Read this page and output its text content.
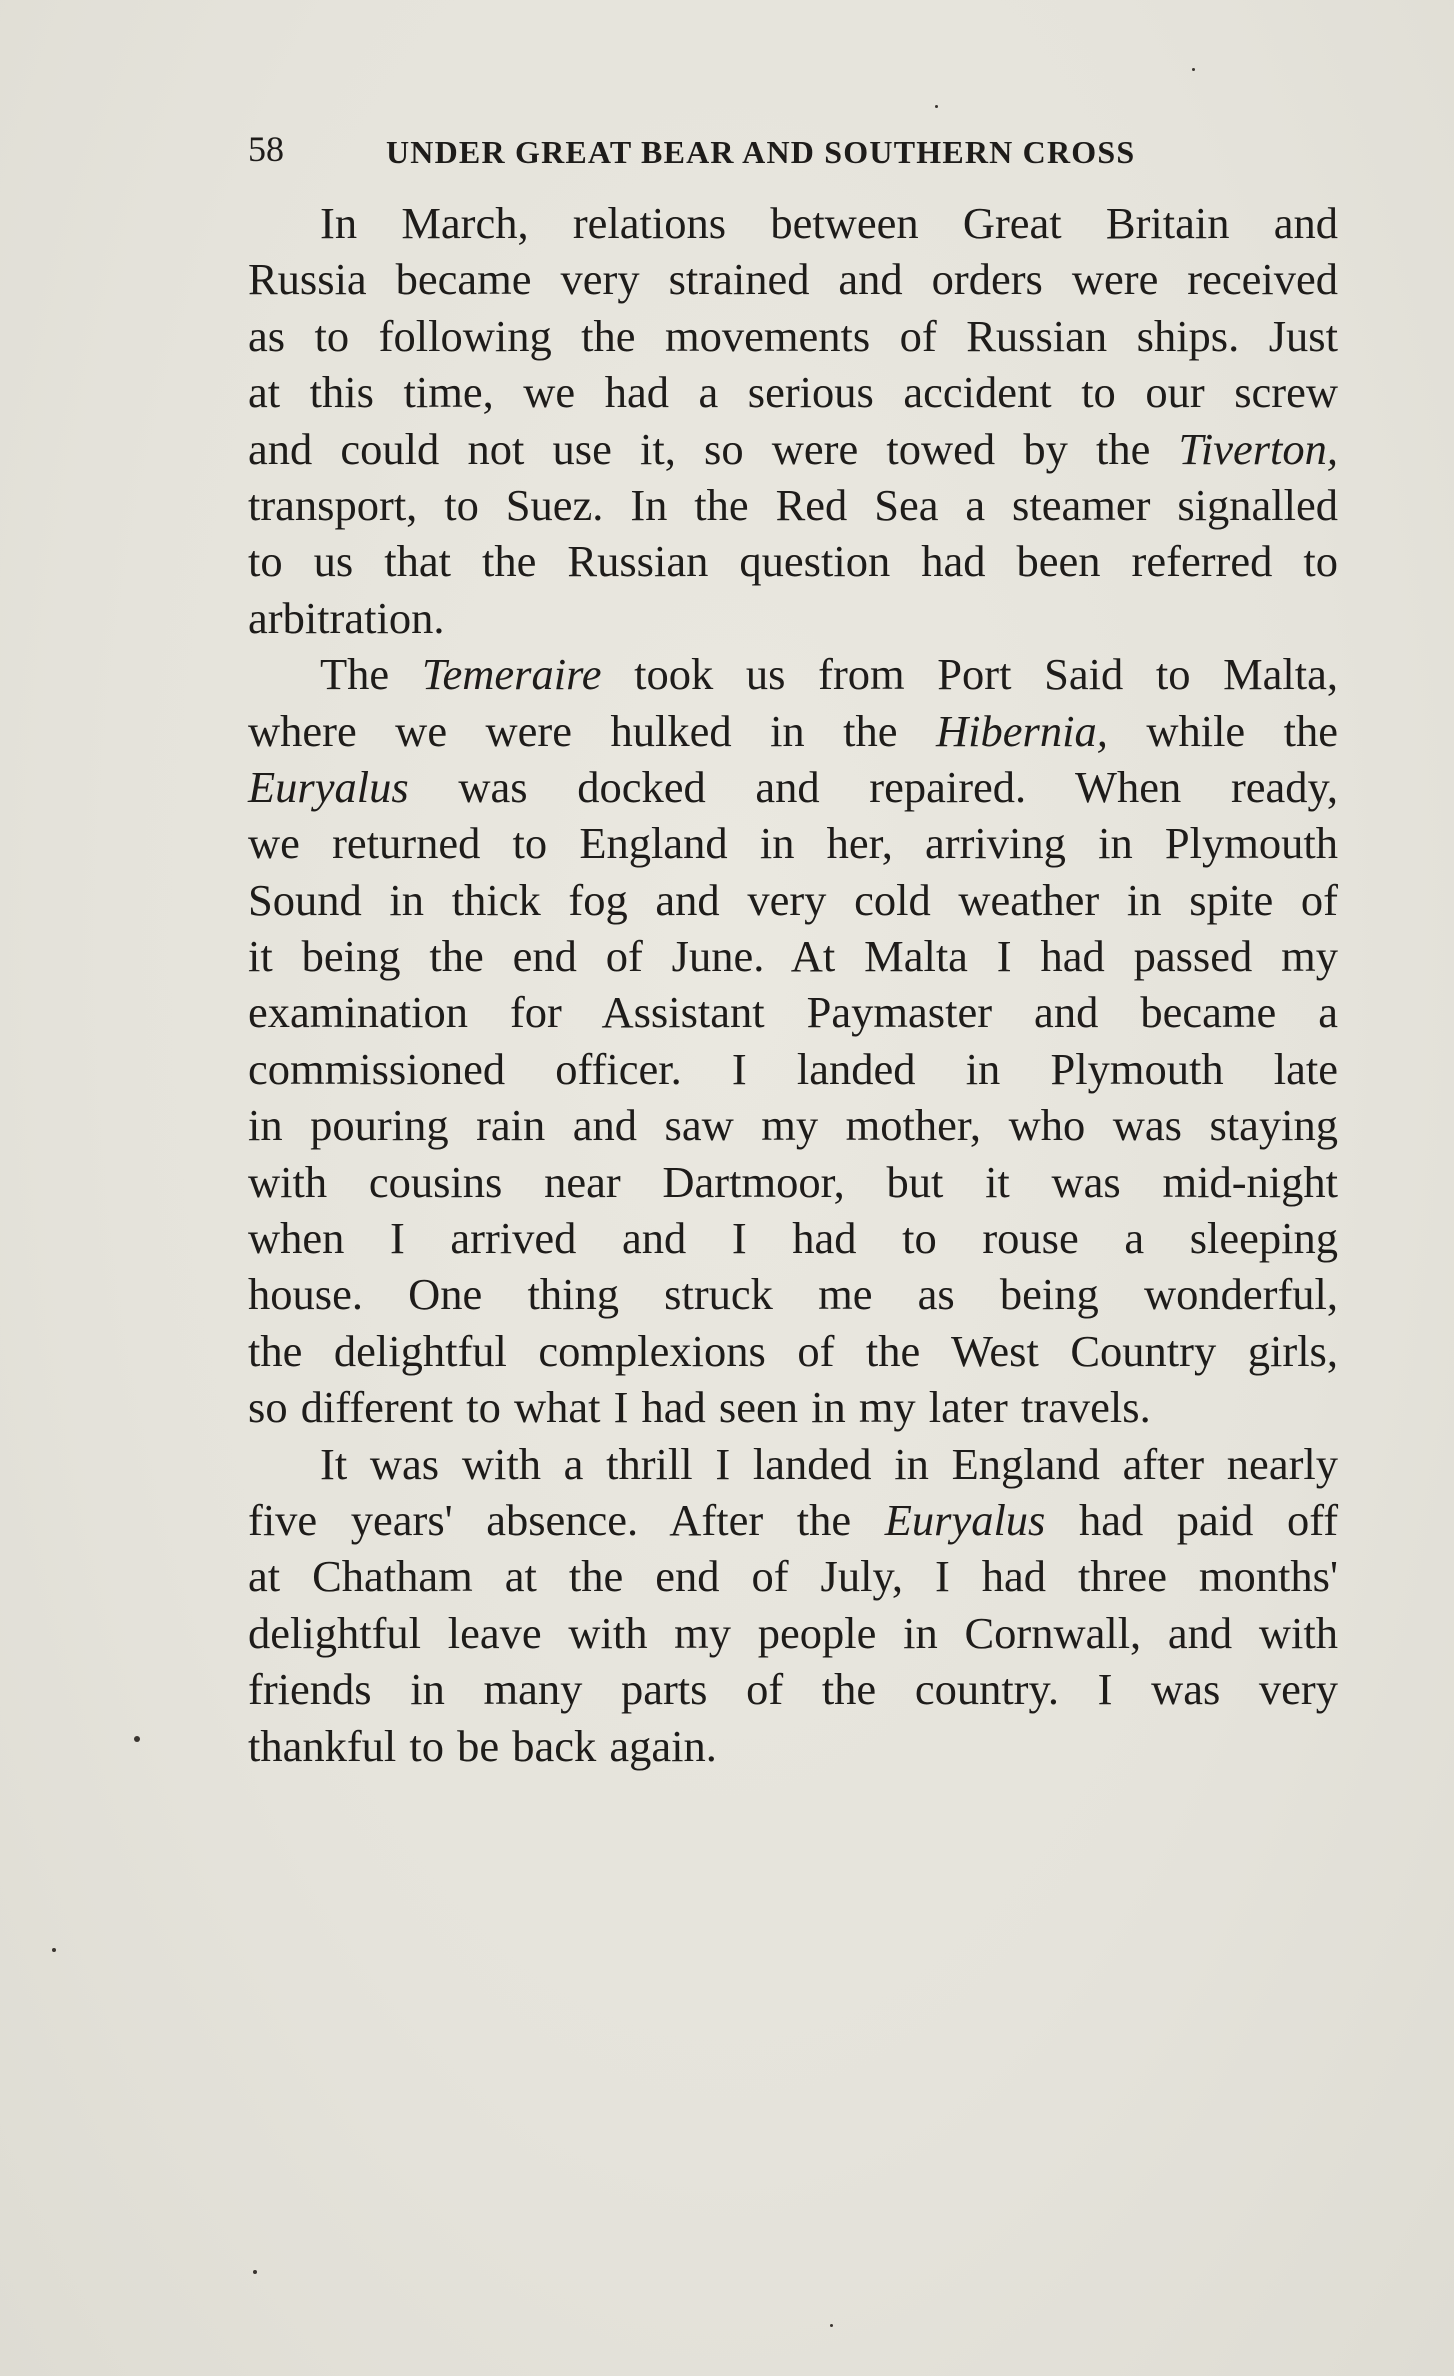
58	UNDER GREAT BEAR AND SOUTHERN CROSS
In March, relations between Great Britain and
Russia became very strained and orders were received
as to following the movements of Russian ships. Just
at this time, we had a serious accident to our screw
and could not use it, so were towed by the Tiverton,
transport, to Suez. In the Red Sea a steamer signalled
to us that the Russian question had been referred to
arbitration.
The Temeraire took us from Port Said to Malta,
where we were hulked in the Hibernia, while the
Euryalus was docked and repaired. When ready,
we returned to England in her, arriving in Plymouth
Sound in thick fog and very cold weather in spite of
it being the end of June. At Malta I had passed my
examination for Assistant Paymaster and became a
commissioned officer. I landed in Plymouth late
in pouring rain and saw my mother, who was staying
with cousins near Dartmoor, but it was mid-night
when I arrived and I had to rouse a sleeping
house. One thing struck me as being wonderful,
the delightful complexions of the West Country girls,
so different to what I had seen in my later travels.
It was with a thrill I landed in England after nearly
five years' absence. After the Euryalus had paid off
at Chatham at the end of July, I had three months'
delightful leave with my people in Cornwall, and with
friends in many parts of the country. I was very
thankful to be back again.
